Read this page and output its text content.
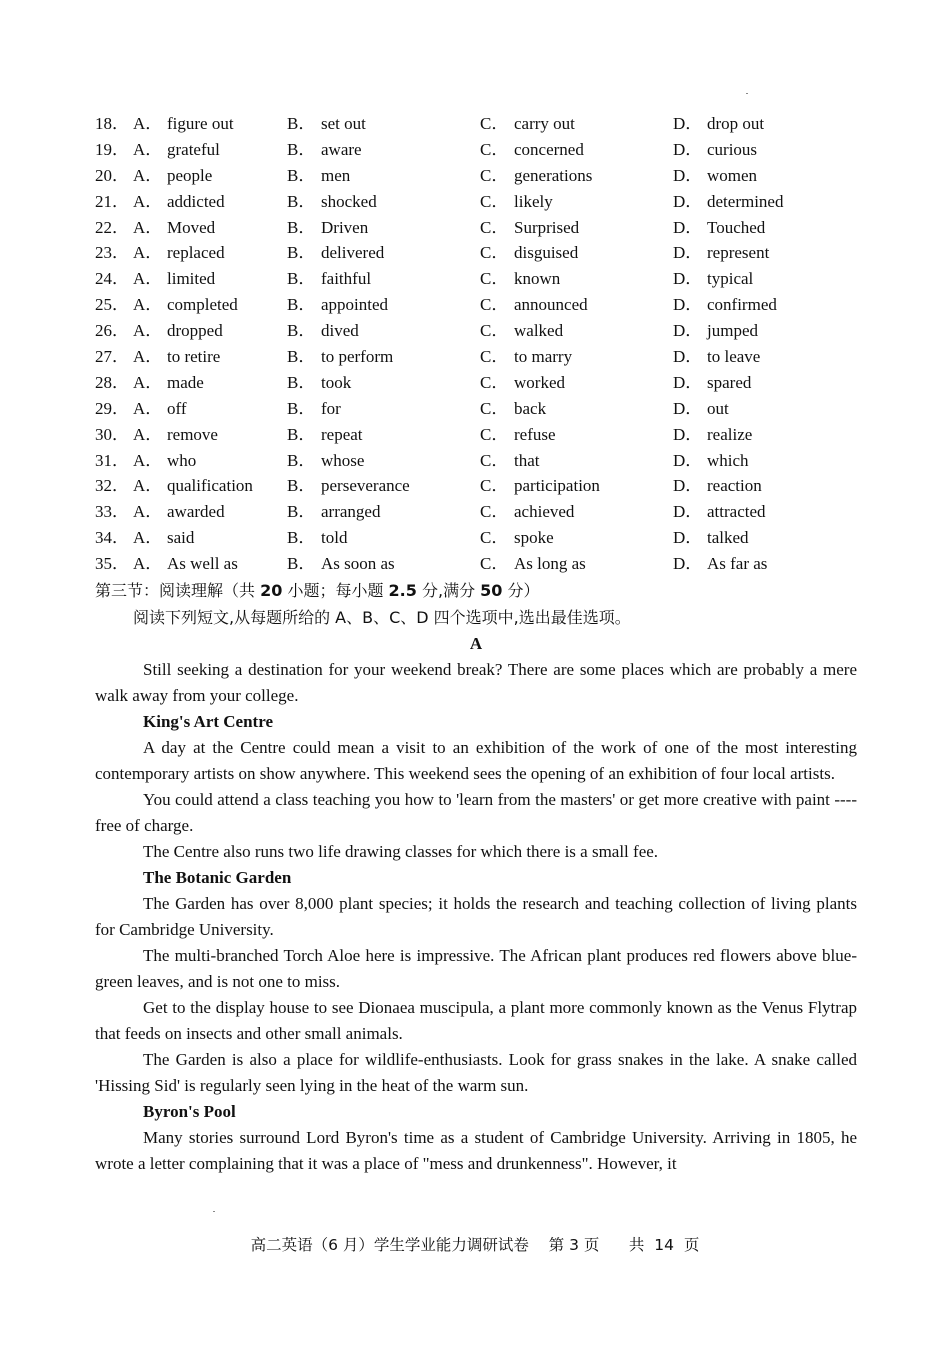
18． A． figure out	B． set out	C． carry out	D． drop out
19． A． grateful	B． aware	C． concerned	D． curious
20． A． people	B． men	C． generations	D． women
21． A． addicted	B． shocked	C． likely	D． determined
22． A． Moved	B． Driven	C． Surprised	D． Touched
23． A． replaced	B． delivered	C． disguised	D． represent
24． A． limited	B． faithful	C． known	D． typical
25． A． completed	B． appointed	C． announced	D． confirmed
26． A． dropped	B． dived	C． walked	D． jumped
27． A． to retire	B． to perform	C． to marry	D． to leave
28． A． made	B． took	C． worked	D． spared
29． A． off	B． for	C． back	D． out
30． A． remove	B． repeat	C． refuse	D． realize
31． A． who	B． whose	C． that	D． which
32． A． qualification B． perseverance	C． participation	D． reaction
33． A． awarded	B． arranged	C． achieved	D． attracted
34． A． said	B． told	C． spoke	D． talked
35． A． As well as	B． As soon as	C． As long as	D． As far as
第三节：阅读理解（共 20 小题；每小题 2.5 分,满分 50 分）
阅读下列短文,从每题所给的 A、B、C、D 四个选项中,选出最佳选项。
A

Still seeking a destination for your weekend break? There are some places which are probably a mere walk away from your college.

King's Art Centre

A day at the Centre could mean a visit to an exhibition of the work of one of the most interesting contemporary artists on show anywhere. This weekend sees the opening of an exhibition of four local artists.

You could attend a class teaching you how to 'learn from the masters' or get more creative with paint ---- free of charge.

The Centre also runs two life drawing classes for which there is a small fee.

The Botanic Garden

The Garden has over 8,000 plant species; it holds the research and teaching collection of living plants for Cambridge University.

The multi-branched Torch Aloe here is impressive. The African plant produces red flowers above blue-green leaves, and is not one to miss.

Get to the display house to see Dionaea muscipula, a plant more commonly known as the Venus Flytrap that feeds on insects and other small animals.

The Garden is also a place for wildlife-enthusiasts. Look for grass snakes in the lake. A snake called 'Hissing Sid' is regularly seen lying in the heat of the warm sun.

Byron's Pool

Many stories surround Lord Byron's time as a student of Cambridge University. Arriving in 1805, he wrote a letter complaining that it was a place of "mess and drunkenness". However, it

高二英语（6 月）学生学业能力调研试卷    第 3 页      共  14  页
